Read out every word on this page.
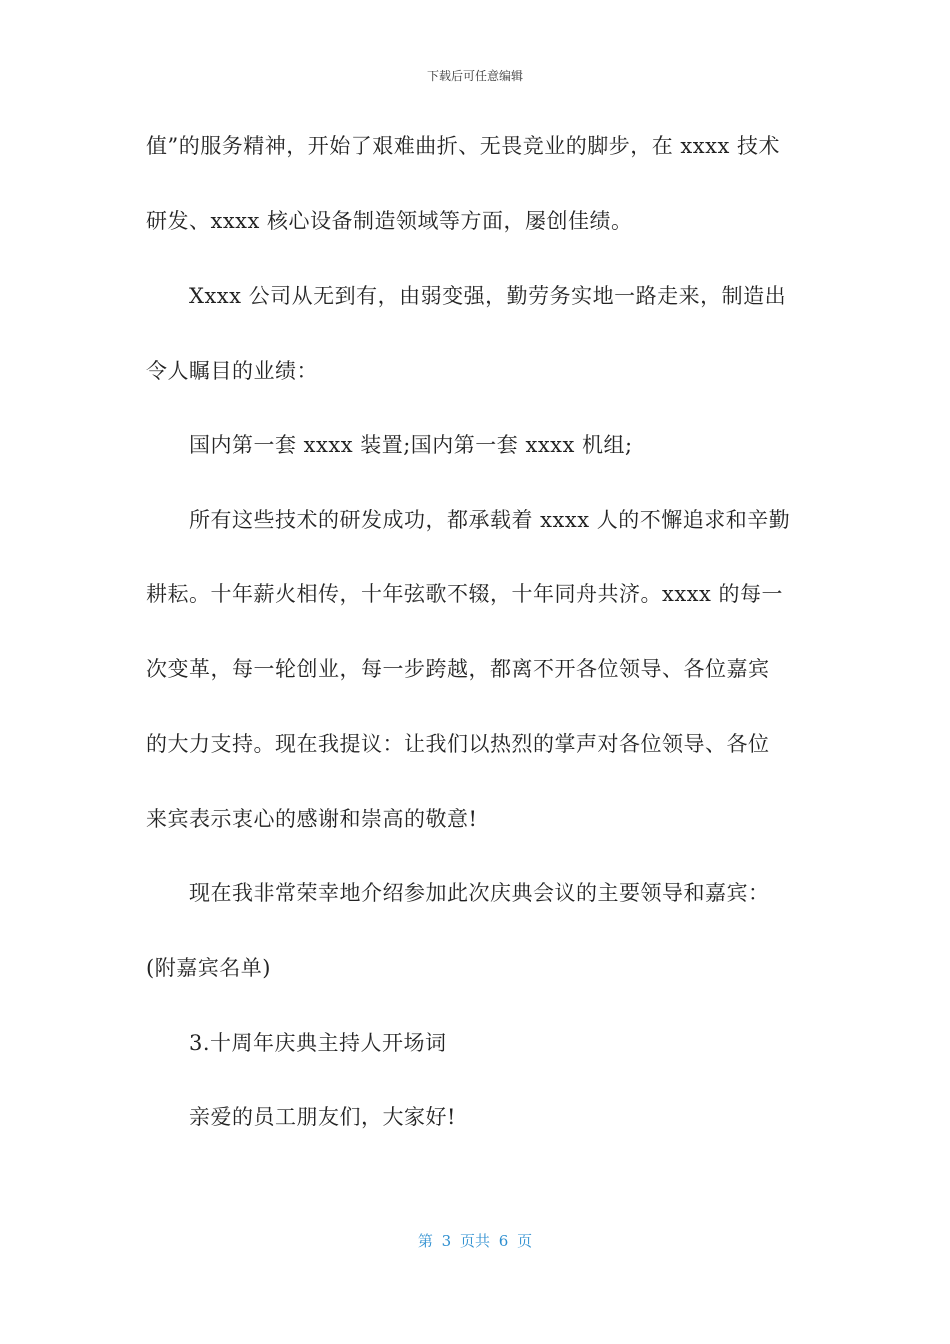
下载后可任意编辑
值”的服务精神，开始了艰难曲折、无畏竞业的脚步，在 xxxx 技术
研发、xxxx 核心设备制造领域等方面，屡创佳绩。
Xxxx 公司从无到有，由弱变强，勤劳务实地一路走来，制造出
令人瞩目的业绩：
国内第一套 xxxx 装置;国内第一套 xxxx 机组;
所有这些技术的研发成功，都承载着 xxxx 人的不懈追求和辛勤
耕耘。十年薪火相传，十年弦歌不辍，十年同舟共济。xxxx 的每一
次变革，每一轮创业，每一步跨越，都离不开各位领导、各位嘉宾
的大力支持。现在我提议：让我们以热烈的掌声对各位领导、各位
来宾表示衷心的感谢和崇高的敬意!
现在我非常荣幸地介绍参加此次庆典会议的主要领导和嘉宾：
(附嘉宾名单)
3.十周年庆典主持人开场词
亲爱的员工朋友们，大家好!
第 3 页共 6 页
